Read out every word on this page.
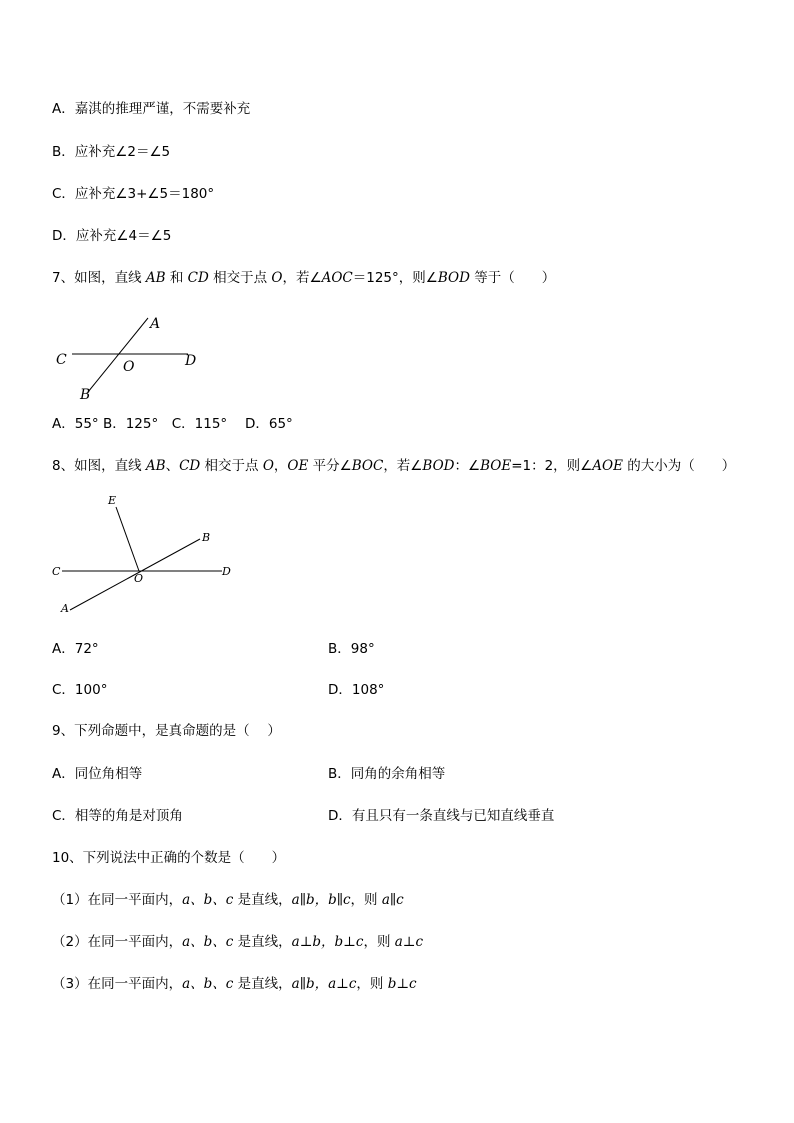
A．嘉淇的推理严谨，不需要补充
B．应补充∠2＝∠5
C．应补充∠3+∠5＝180°
D．应补充∠4＝∠5
7、如图，直线 AB 和 CD 相交于点 O，若∠AOC＝125°，则∠BOD 等于（　　）
A
C	D
O
B
A．55° B．125°　C．115°　 D．65°
8、如图，直线 AB、CD 相交于点 O，OE 平分∠BOC，若∠BOD：∠BOE=1：2，则∠AOE 的大小为（　　）
E
B
C	D
O
A
A．72°	B．98°
C．100°	D．108°
9、下列命题中，是真命题的是（　 ）
A．同位角相等	B．同角的余角相等
C．相等的角是对顶角	D．有且只有一条直线与已知直线垂直
10、下列说法中正确的个数是（　　）
（1）在同一平面内，a、b、c 是直线，a∥b，b∥c，则 a∥c
（2）在同一平面内，a、b、c 是直线，a⊥b，b⊥c，则 a⊥c
（3）在同一平面内，a、b、c 是直线，a∥b，a⊥c，则 b⊥c
